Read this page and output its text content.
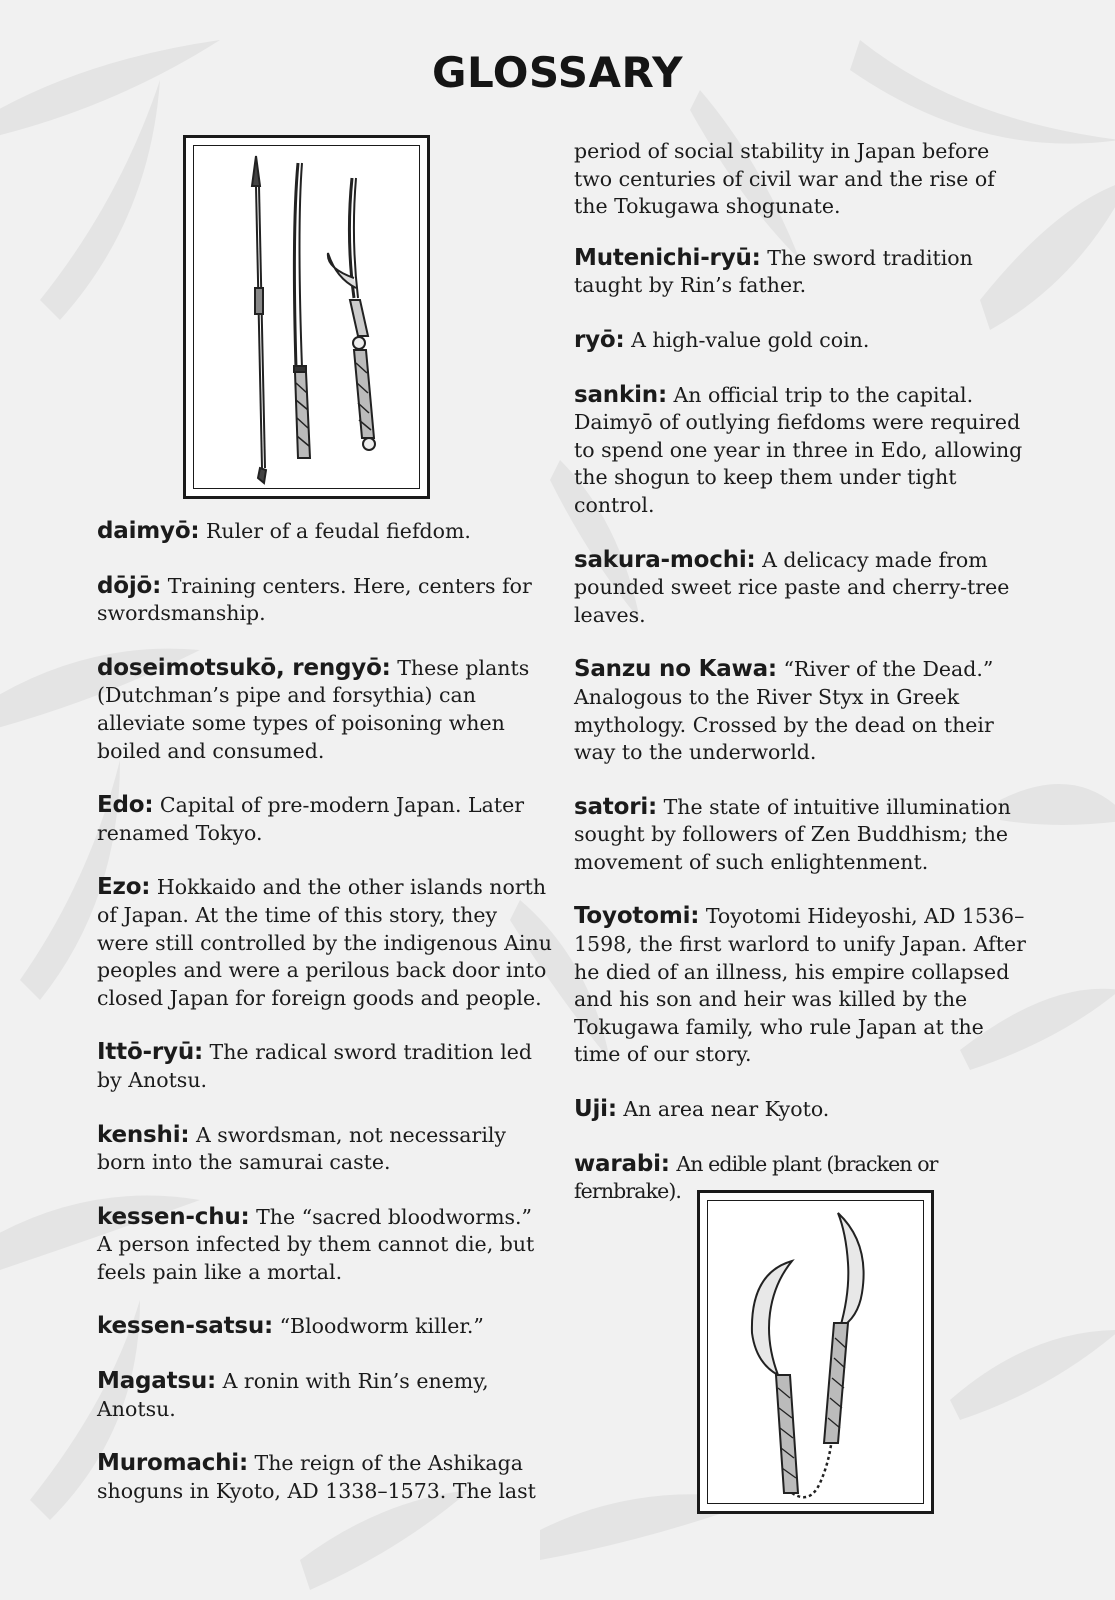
GLOSSARY

daimyō: Ruler of a feudal fiefdom.

dōjō: Training centers. Here, centers for swordsmanship.

doseimotsukō, rengyō: These plants (Dutchman’s pipe and forsythia) can alleviate some types of poisoning when boiled and consumed.

Edo: Capital of pre-modern Japan. Later renamed Tokyo.

Ezo: Hokkaido and the other islands north of Japan. At the time of this story, they were still controlled by the indigenous Ainu peoples and were a perilous back door into closed Japan for foreign goods and people.

Ittō-ryū: The radical sword tradition led by Anotsu.

kenshi: A swordsman, not necessarily born into the samurai caste.

kessen-chu: The “sacred bloodworms.” A person infected by them cannot die, but feels pain like a mortal.

kessen-satsu: “Bloodworm killer.”

Magatsu: A ronin with Rin’s enemy, Anotsu.

Muromachi: The reign of the Ashikaga shoguns in Kyoto, AD 1338–1573. The last

period of social stability in Japan before two centuries of civil war and the rise of the Tokugawa shogunate.

Mutenichi-ryū: The sword tradition taught by Rin’s father.

ryō: A high-value gold coin.

sankin: An official trip to the capital. Daimyō of outlying fiefdoms were required to spend one year in three in Edo, allowing the shogun to keep them under tight control.

sakura-mochi: A delicacy made from pounded sweet rice paste and cherry-tree leaves.

Sanzu no Kawa: “River of the Dead.” Analogous to the River Styx in Greek mythology. Crossed by the dead on their way to the underworld.

satori: The state of intuitive illumination sought by followers of Zen Buddhism; the movement of such enlightenment.

Toyotomi: Toyotomi Hideyoshi, AD 1536–1598, the first warlord to unify Japan. After he died of an illness, his empire collapsed and his son and heir was killed by the Tokugawa family, who rule Japan at the time of our story.

Uji: An area near Kyoto.

warabi: An edible plant (bracken or fernbrake).
